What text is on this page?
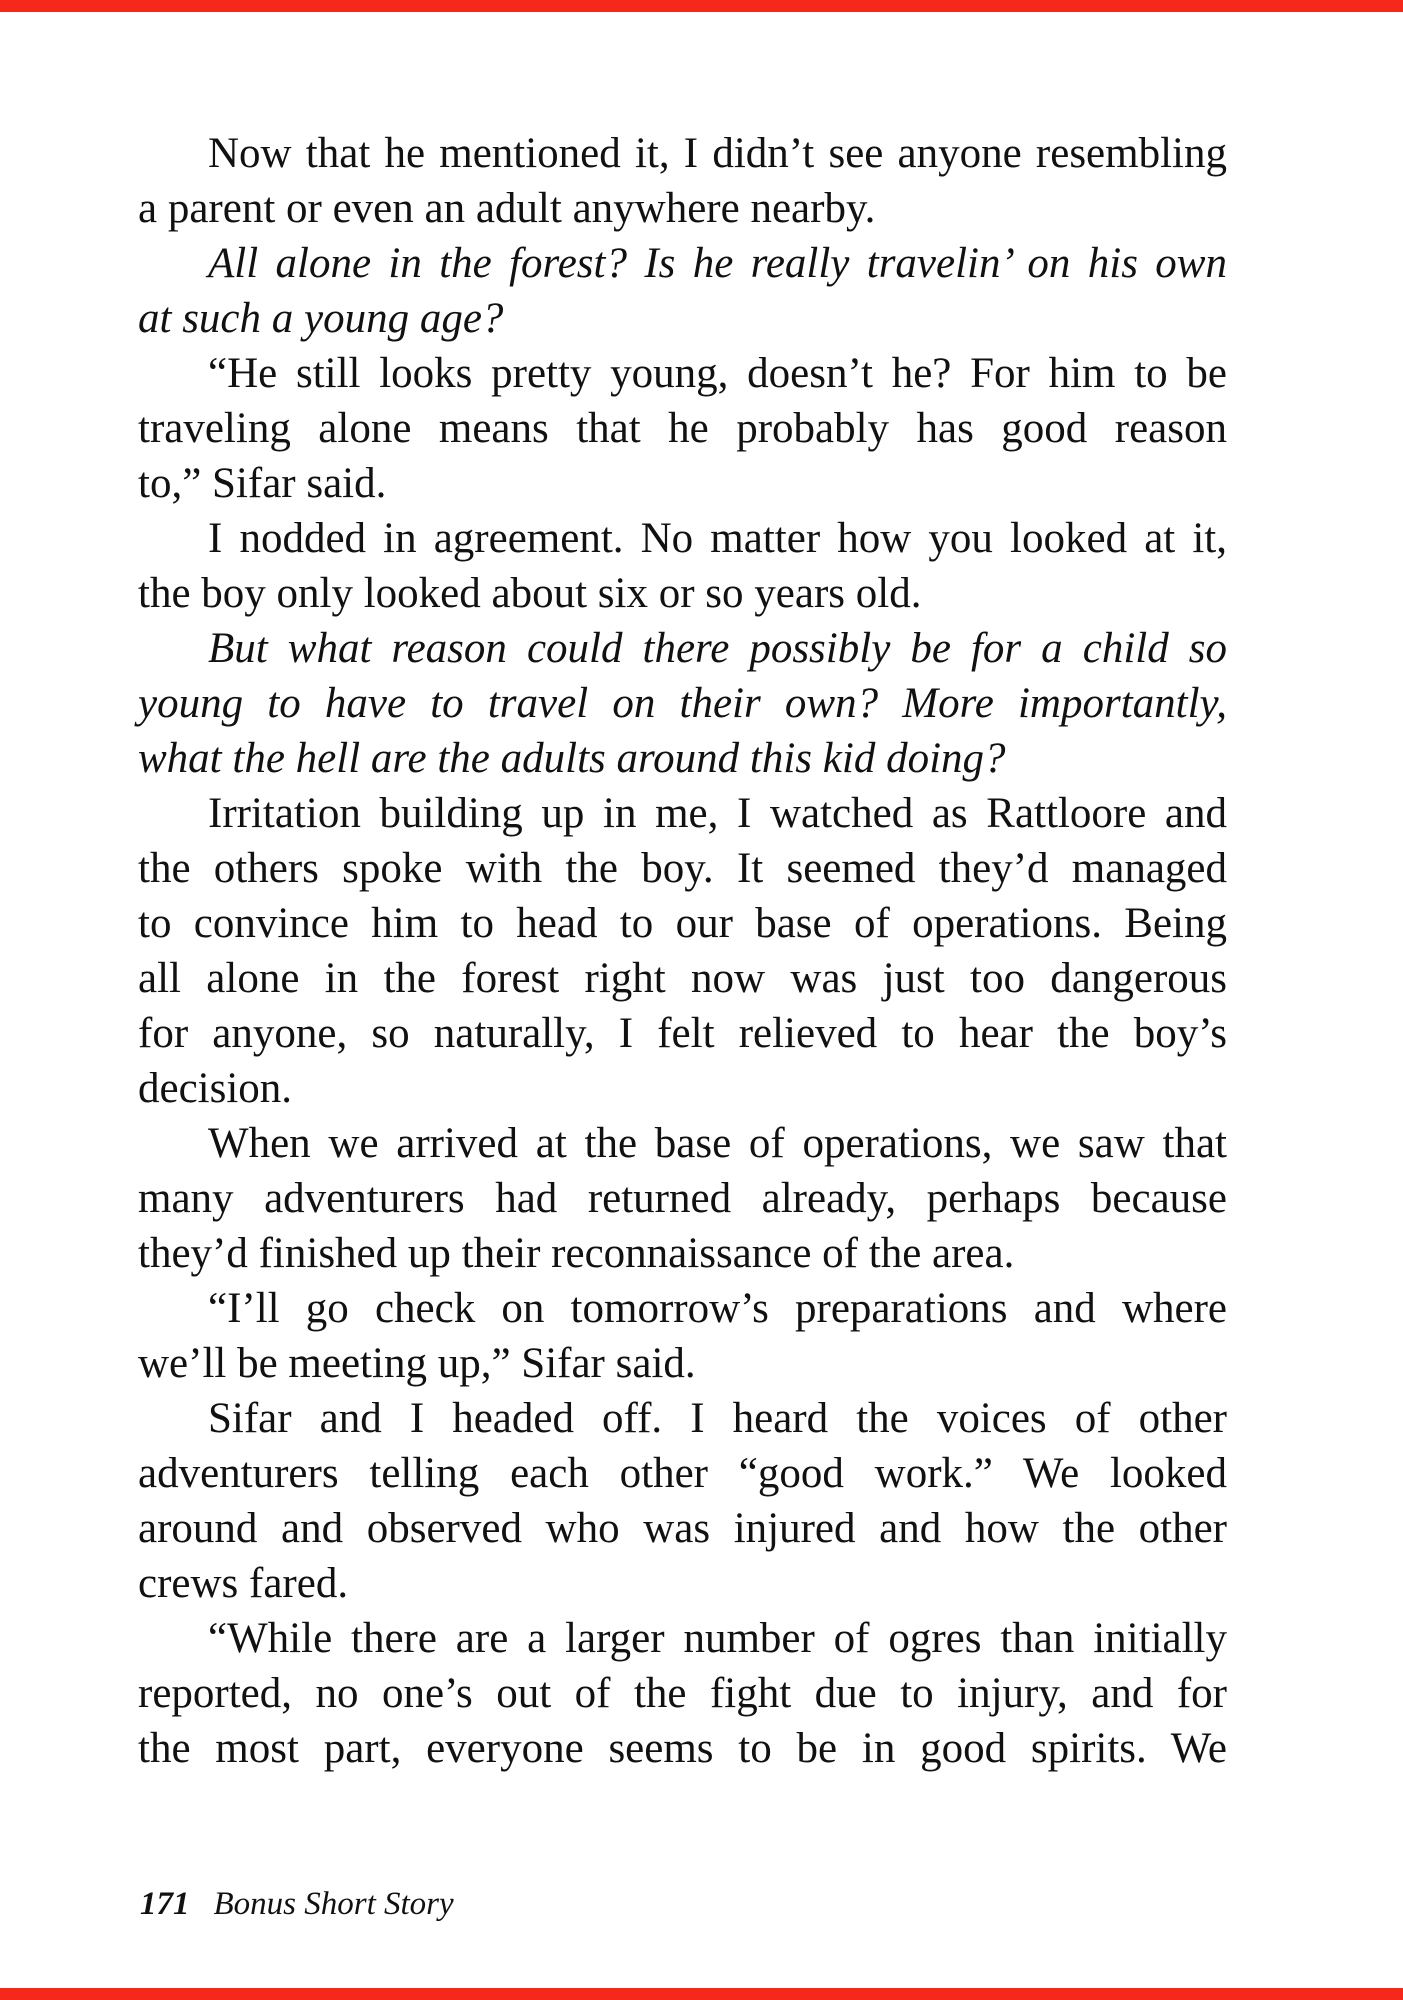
Now that he mentioned it, I didn’t see anyone resembling
a parent or even an adult anywhere nearby.
All alone in the forest? Is he really travelin’ on his own
at such a young age?
“He still looks pretty young, doesn’t he? For him to be
traveling alone means that he probably has good reason
to,” Sifar said.
I nodded in agreement. No matter how you looked at it,
the boy only looked about six or so years old.
But what reason could there possibly be for a child so
young to have to travel on their own? More importantly,
what the hell are the adults around this kid doing?
Irritation building up in me, I watched as Rattloore and
the others spoke with the boy. It seemed they’d managed
to convince him to head to our base of operations. Being
all alone in the forest right now was just too dangerous
for anyone, so naturally, I felt relieved to hear the boy’s
decision.
When we arrived at the base of operations, we saw that
many adventurers had returned already, perhaps because
they’d finished up their reconnaissance of the area.
“I’ll go check on tomorrow’s preparations and where
we’ll be meeting up,” Sifar said.
Sifar and I headed off. I heard the voices of other
adventurers telling each other “good work.” We looked
around and observed who was injured and how the other
crews fared.
“While there are a larger number of ogres than initially
reported, no one’s out of the fight due to injury, and for
the most part, everyone seems to be in good spirits. We
171 Bonus Short Story
